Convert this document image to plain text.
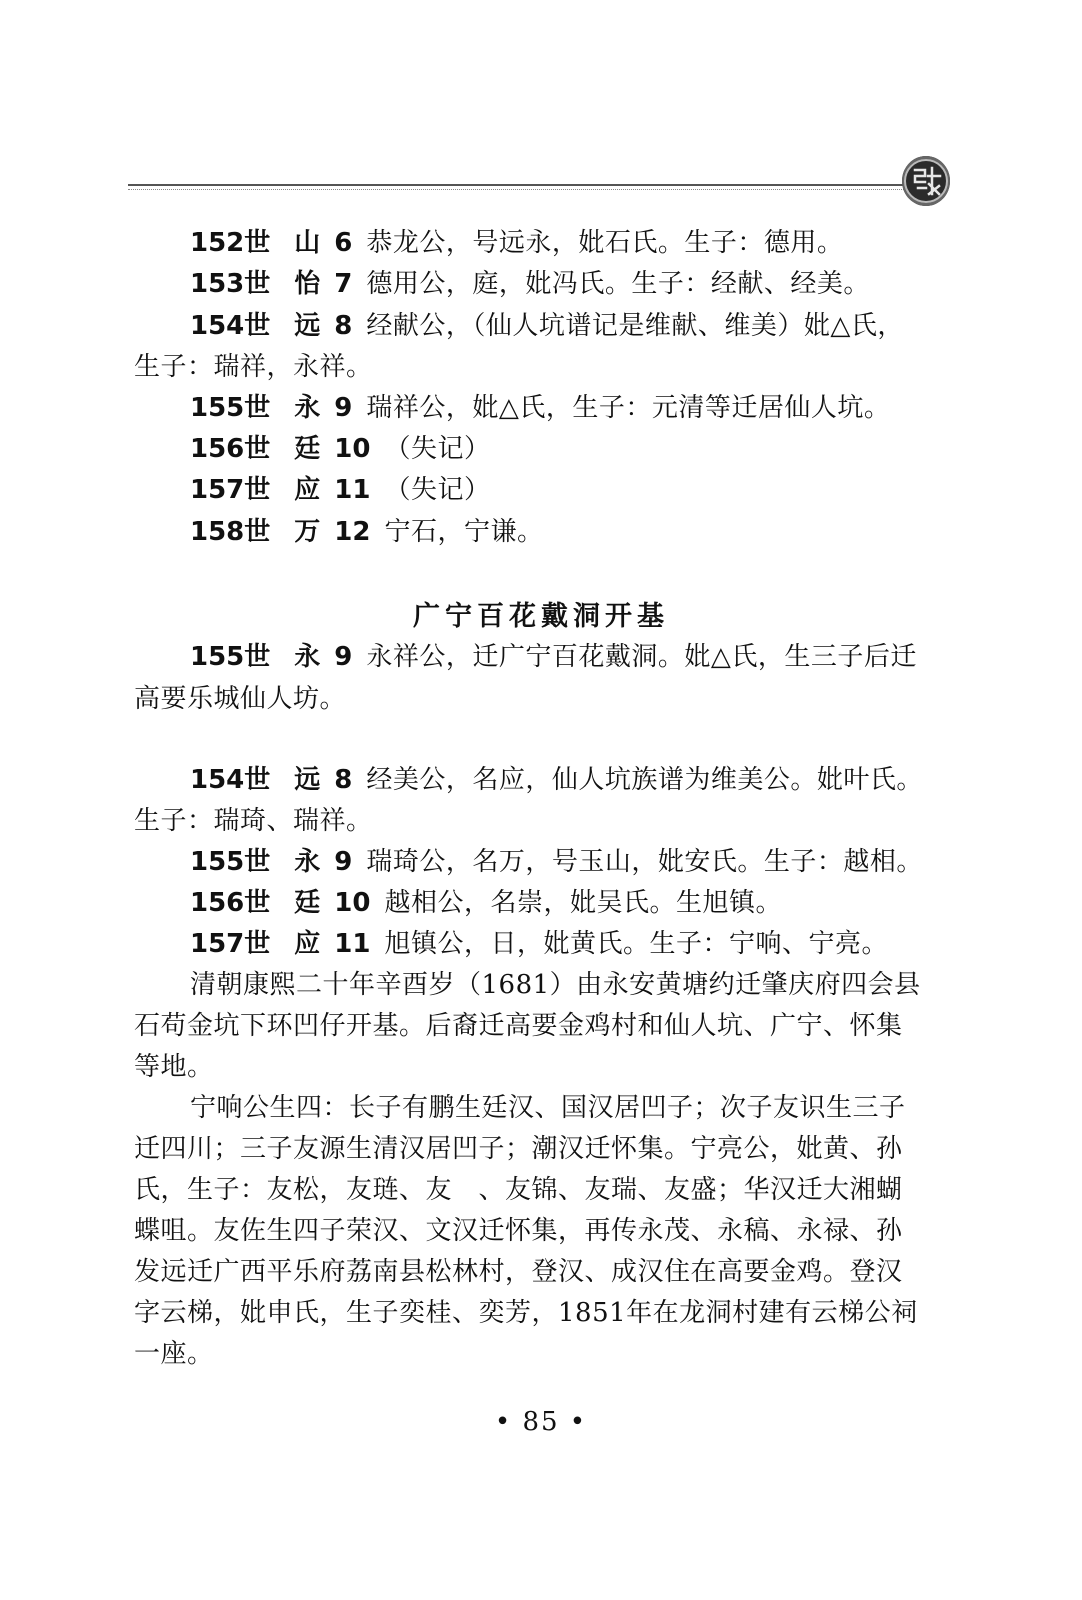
152世 山 6 恭龙公，号远永，妣石氏。生子：德用。
153世 怡 7 德用公，庭，妣冯氏。生子：经献、经美。
154世 远 8 经献公，（仙人坑谱记是维献、维美）妣△氏，
生子：瑞祥，永祥。
155世 永 9 瑞祥公，妣△氏，生子：元清等迁居仙人坑。
156世 廷 10 （失记）
157世 应 11 （失记）
158世 万 12 宁石，宁谦。
广宁百花戴洞开基
155世 永 9 永祥公，迁广宁百花戴洞。妣△氏，生三子后迁
高要乐城仙人坊。
154世 远 8 经美公，名应，仙人坑族谱为维美公。妣叶氏。
生子：瑞琦、瑞祥。
155世 永 9 瑞琦公，名万，号玉山，妣安氏。生子：越相。
156世 廷 10 越相公，名崇，妣吴氏。生旭镇。
157世 应 11 旭镇公，日，妣黄氏。生子：宁响、宁亮。
清朝康熙二十年辛酉岁（1681）由永安黄塘约迁肇庆府四会县
石苟金坑下环凹仔开基。后裔迁高要金鸡村和仙人坑、广宁、怀集
等地。
宁响公生四：长子有鹏生廷汉、国汉居凹子；次子友识生三子
迁四川；三子友源生清汉居凹子；潮汉迁怀集。宁亮公，妣黄、孙
氏，生子：友松，友琏、友　、友锦、友瑞、友盛；华汉迁大湘蝴
蝶咀。友佐生四子荣汉、文汉迁怀集，再传永茂、永稿、永禄、孙
发远迁广西平乐府荔南县松林村，登汉、成汉住在高要金鸡。登汉
字云梯，妣申氏，生子奕桂、奕芳，1851年在龙洞村建有云梯公祠
一座。
• 85 •
